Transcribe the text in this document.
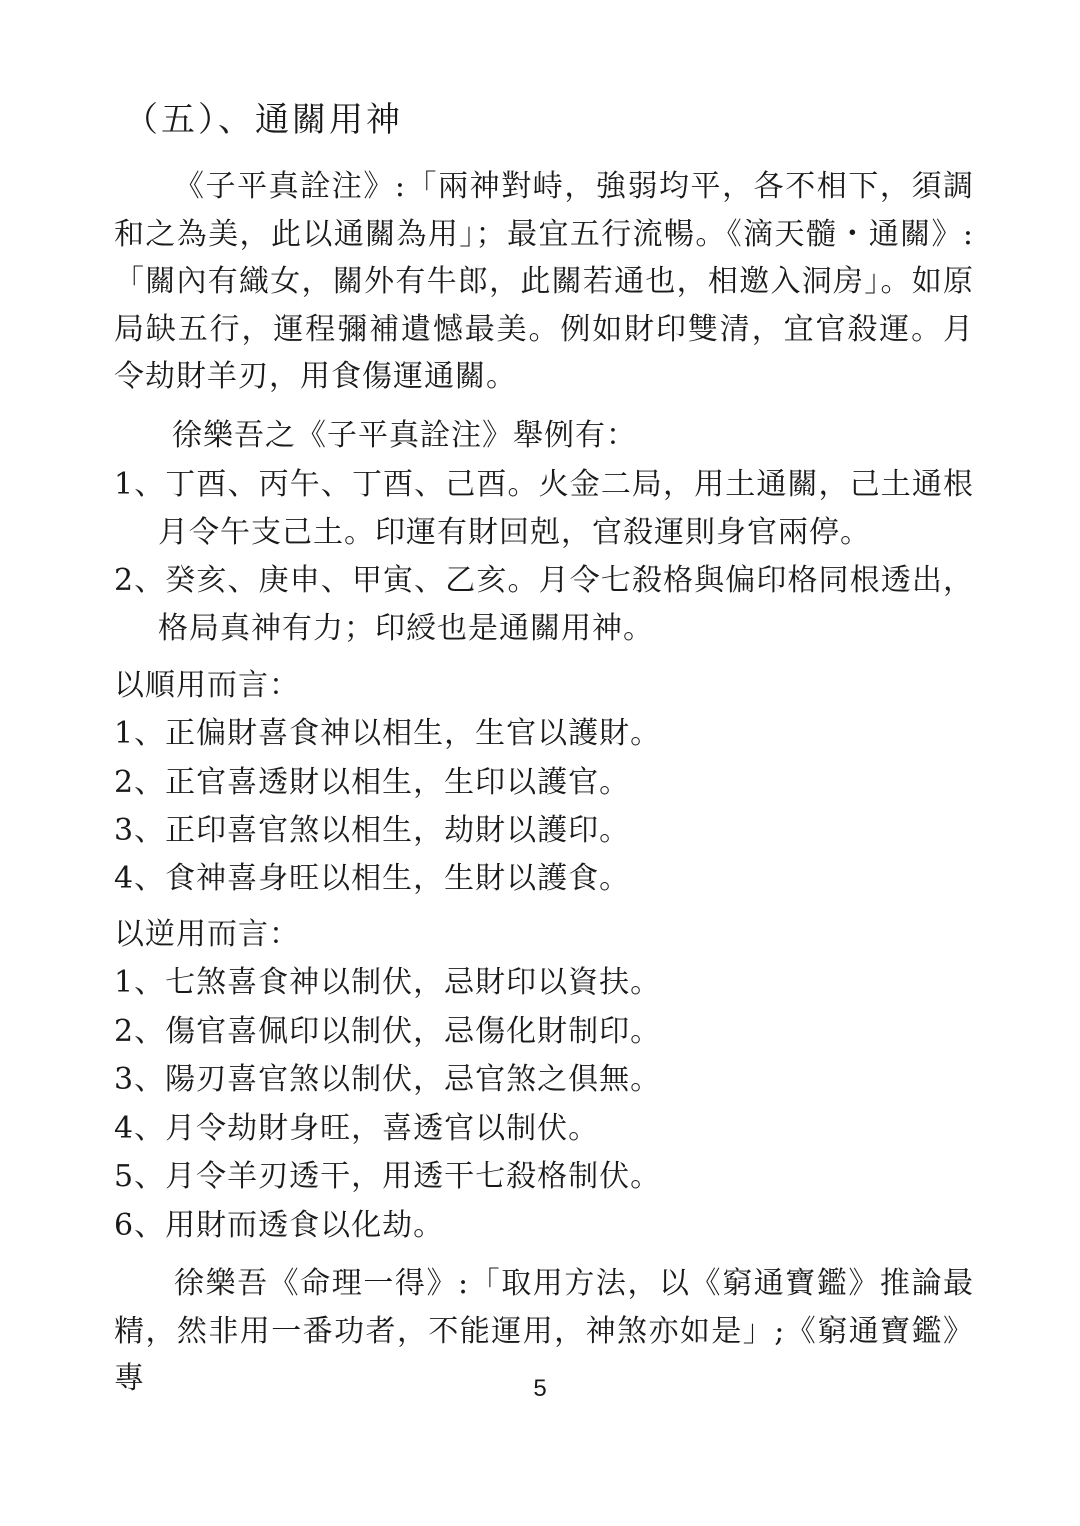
（五）、通關用神

《子平真詮注》:「兩神對峙，強弱均平，各不相下，須調和之為美，此以通關為用」；最宜五行流暢。《滴天髓・通關》:「關內有織女，關外有牛郎，此關若通也，相邀入洞房」。如原局缺五行，運程彌補遺憾最美。例如財印雙清，宜官殺運。月令劫財羊刃，用食傷運通關。

徐樂吾之《子平真詮注》舉例有：

1、丁酉、丙午、丁酉、己酉。火金二局，用土通關，己土通根月令午支己土。印運有財回剋，官殺運則身官兩停。

2、癸亥、庚申、甲寅、乙亥。月令七殺格與偏印格同根透出，格局真神有力；印綬也是通關用神。

以順用而言：
1、正偏財喜食神以相生，生官以護財。
2、正官喜透財以相生，生印以護官。
3、正印喜官煞以相生，劫財以護印。
4、食神喜身旺以相生，生財以護食。
以逆用而言：
1、七煞喜食神以制伏，忌財印以資扶。
2、傷官喜佩印以制伏，忌傷化財制印。
3、陽刃喜官煞以制伏，忌官煞之俱無。
4、月令劫財身旺，喜透官以制伏。
5、月令羊刃透干，用透干七殺格制伏。
6、用財而透食以化劫。

徐樂吾《命理一得》:「取用方法，以《窮通寶鑑》推論最精，然非用一番功者，不能運用，神煞亦如是」;《窮通寶鑑》專	5
